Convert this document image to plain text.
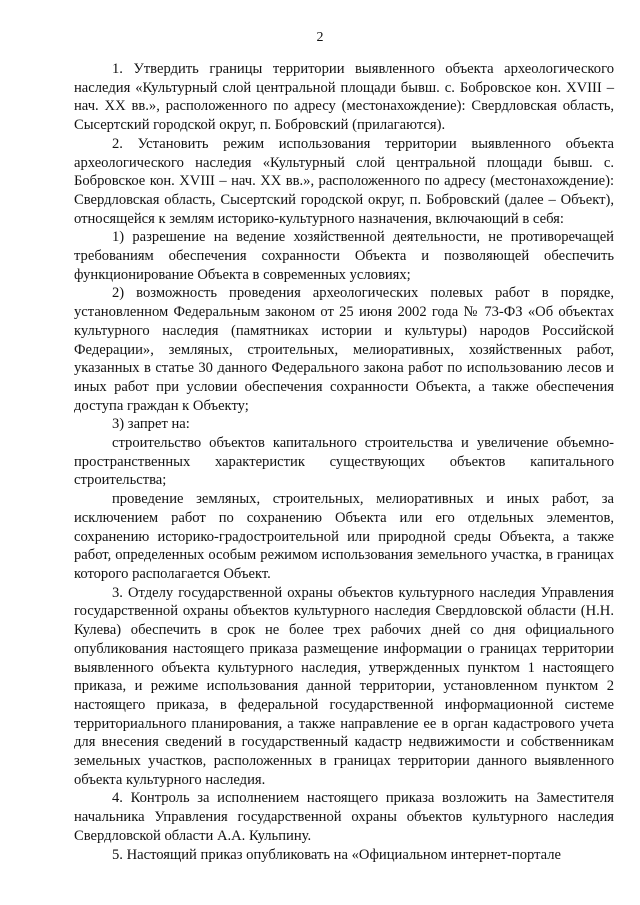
2

1. Утвердить границы территории выявленного объекта археологического наследия «Культурный слой центральной площади бывш. с. Бобровское кон. XVIII – нач. XX вв.», расположенного по адресу (местонахождение): Свердловская область, Сысертский городской округ, п. Бобровский (прилагаются).

2. Установить режим использования территории выявленного объекта археологического наследия «Культурный слой центральной площади бывш. с. Бобровское кон. XVIII – нач. XX вв.», расположенного по адресу (местонахождение): Свердловская область, Сысертский городской округ, п. Бобровский (далее – Объект), относящейся к землям историко-культурного назначения, включающий в себя:

1) разрешение на ведение хозяйственной деятельности, не противоречащей требованиям обеспечения сохранности Объекта и позволяющей обеспечить функционирование Объекта в современных условиях;

2) возможность проведения археологических полевых работ в порядке, установленном Федеральным законом от 25 июня 2002 года № 73-ФЗ «Об объектах культурного наследия (памятниках истории и культуры) народов Российской Федерации», земляных, строительных, мелиоративных, хозяйственных работ, указанных в статье 30 данного Федерального закона работ по использованию лесов и иных работ при условии обеспечения сохранности Объекта, а также обеспечения доступа граждан к Объекту;

3) запрет на:

строительство объектов капитального строительства и увеличение объемно-пространственных характеристик существующих объектов капитального строительства;

проведение земляных, строительных, мелиоративных и иных работ, за исключением работ по сохранению Объекта или его отдельных элементов, сохранению историко-градостроительной или природной среды Объекта, а также работ, определенных особым режимом использования земельного участка, в границах которого располагается Объект.

3. Отделу государственной охраны объектов культурного наследия Управления государственной охраны объектов культурного наследия Свердловской области (Н.Н. Кулева) обеспечить в срок не более трех рабочих дней со дня официального опубликования настоящего приказа размещение информации о границах территории выявленного объекта культурного наследия, утвержденных пунктом 1 настоящего приказа, и режиме использования данной территории, установленном пунктом 2 настоящего приказа, в федеральной государственной информационной системе территориального планирования, а также направление ее в орган кадастрового учета для внесения сведений в государственный кадастр недвижимости и собственникам земельных участков, расположенных в границах территории данного выявленного объекта культурного наследия.

4. Контроль за исполнением настоящего приказа возложить на Заместителя начальника Управления государственной охраны объектов культурного наследия Свердловской области А.А. Кульпину.

5. Настоящий приказ опубликовать на «Официальном интернет-портале
